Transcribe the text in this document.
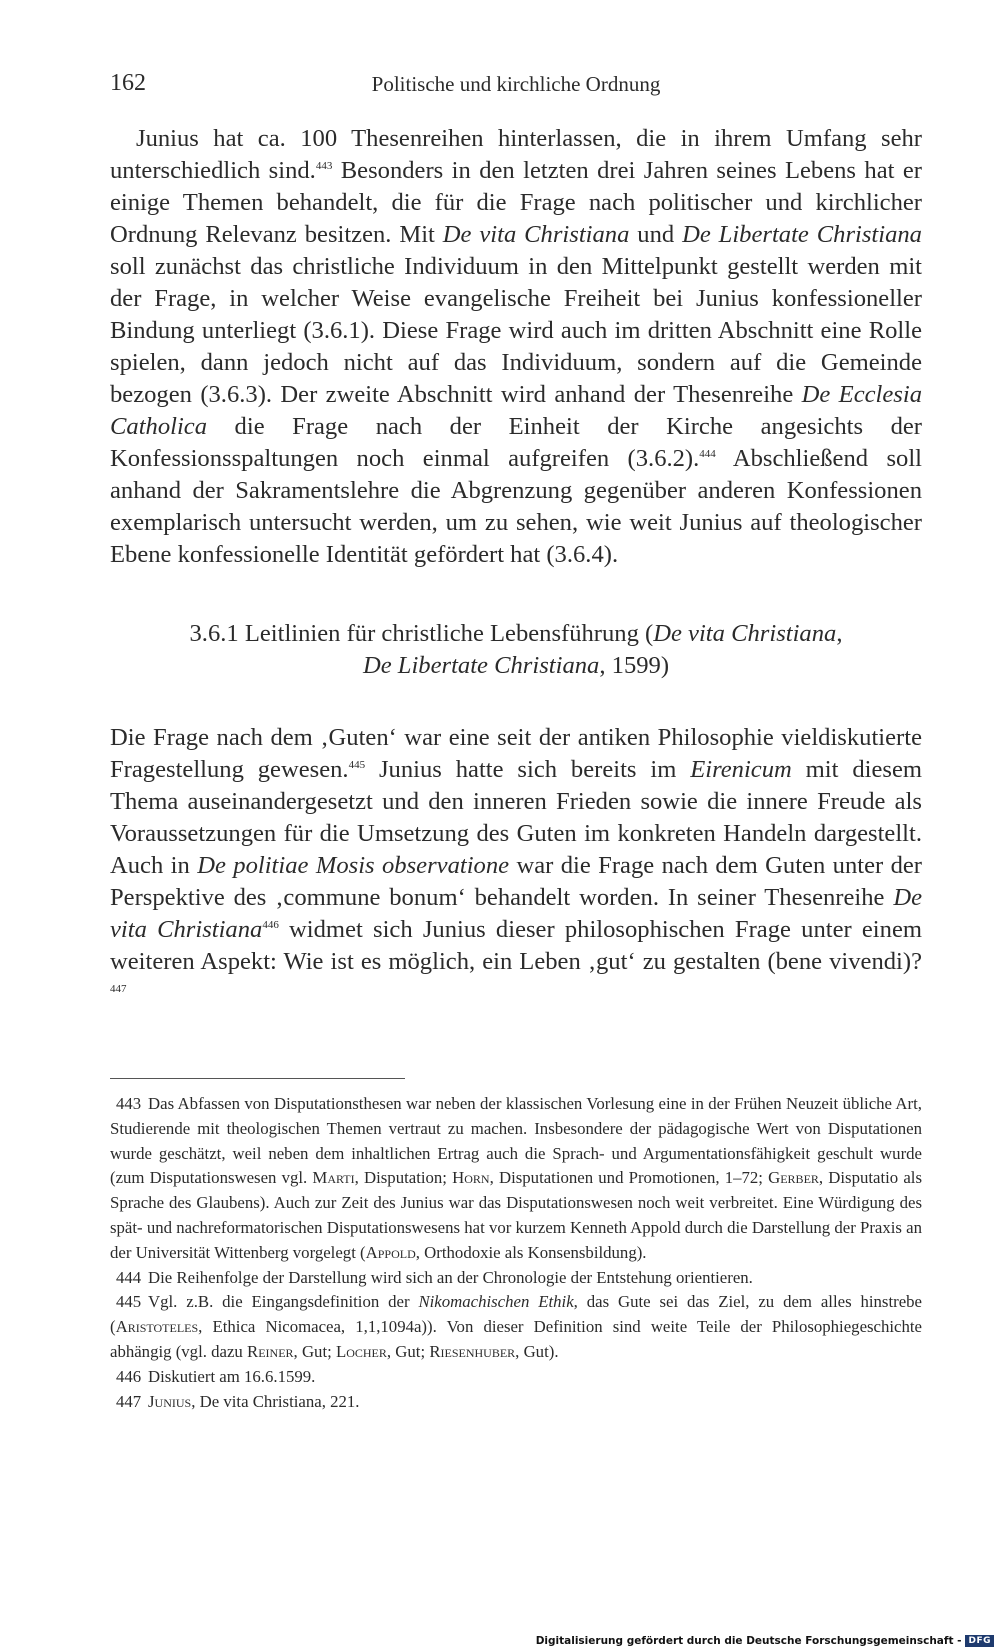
162	Politische und kirchliche Ordnung

Junius hat ca. 100 Thesenreihen hinterlassen, die in ihrem Umfang sehr unterschiedlich sind.$^{443}$ Besonders in den letzten drei Jahren seines Lebens hat er einige Themen behandelt, die für die Frage nach politischer und kirchlicher Ordnung Relevanz besitzen. Mit De vita Christiana und De Libertate Christiana soll zunächst das christliche Individuum in den Mittelpunkt gestellt werden mit der Frage, in welcher Weise evangelische Freiheit bei Junius konfessioneller Bindung unterliegt (3.6.1). Diese Frage wird auch im dritten Abschnitt eine Rolle spielen, dann jedoch nicht auf das Individuum, sondern auf die Gemeinde bezogen (3.6.3). Der zweite Abschnitt wird anhand der Thesenreihe De Ecclesia Catholica die Frage nach der Einheit der Kirche angesichts der Konfessionsspaltungen noch einmal aufgreifen (3.6.2).$^{444}$ Abschließend soll anhand der Sakramentslehre die Abgrenzung gegenüber anderen Konfessionen exemplarisch untersucht werden, um zu sehen, wie weit Junius auf theologischer Ebene konfessionelle Identität gefördert hat (3.6.4).

3.6.1 Leitlinien für christliche Lebensführung (De vita Christiana,
De Libertate Christiana, 1599)

Die Frage nach dem ‚Guten‘ war eine seit der antiken Philosophie vieldiskutierte Fragestellung gewesen.$^{445}$ Junius hatte sich bereits im Eirenicum mit diesem Thema auseinandergesetzt und den inneren Frieden sowie die innere Freude als Voraussetzungen für die Umsetzung des Guten im konkreten Handeln dargestellt. Auch in De politiae Mosis observatione war die Frage nach dem Guten unter der Perspektive des ‚commune bonum‘ behandelt worden. In seiner Thesenreihe De vita Christiana$^{446}$ widmet sich Junius dieser philosophischen Frage unter einem weiteren Aspekt: Wie ist es möglich, ein Leben ‚gut‘ zu gestalten (bene vivendi)?$^{447}$

443 Das Abfassen von Disputationsthesen war neben der klassischen Vorlesung eine in der Frühen Neuzeit übliche Art, Studierende mit theologischen Themen vertraut zu machen. Insbesondere der pädagogische Wert von Disputationen wurde geschätzt, weil neben dem inhaltlichen Ertrag auch die Sprach- und Argumentationsfähigkeit geschult wurde (zum Disputationswesen vgl. Marti, Disputation; Horn, Disputationen und Promotionen, 1–72; Gerber, Disputatio als Sprache des Glaubens). Auch zur Zeit des Junius war das Disputationswesen noch weit verbreitet. Eine Würdigung des spät- und nachreformatorischen Disputationswesens hat vor kurzem Kenneth Appold durch die Darstellung der Praxis an der Universität Wittenberg vorgelegt (Appold, Orthodoxie als Konsensbildung).

444 Die Reihenfolge der Darstellung wird sich an der Chronologie der Entstehung orientieren.

445 Vgl. z.B. die Eingangsdefinition der Nikomachischen Ethik, das Gute sei das Ziel, zu dem alles hinstrebe (Aristoteles, Ethica Nicomacea, 1,1,1094a)). Von dieser Definition sind weite Teile der Philosophiegeschichte abhängig (vgl. dazu Reiner, Gut; Locher, Gut; Riesenhuber, Gut).

446 Diskutiert am 16.6.1599.

447 Junius, De vita Christiana, 221.

Digitalisierung gefördert durch die Deutsche Forschungsgemeinschaft - DFG
